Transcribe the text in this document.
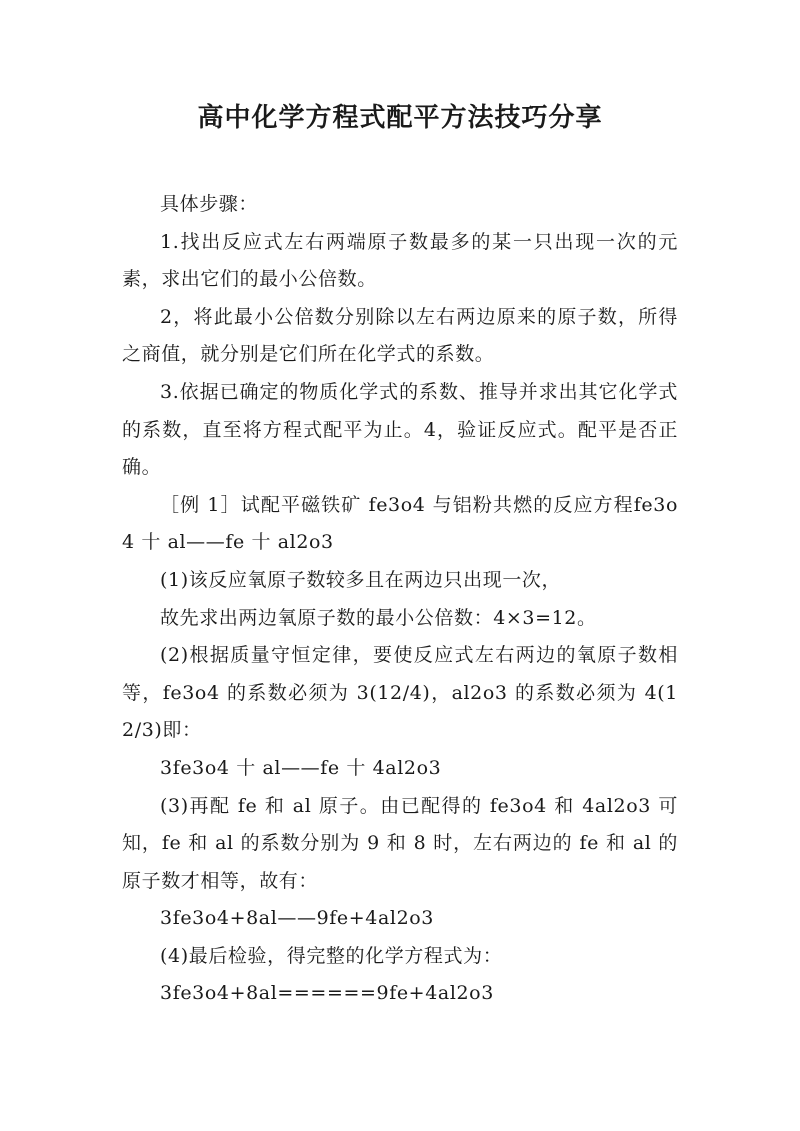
高中化学方程式配平方法技巧分享

具体步骤：

1.找出反应式左右两端原子数最多的某一只出现一次的元素，求出它们的最小公倍数。

2，将此最小公倍数分别除以左右两边原来的原子数，所得之商值，就分别是它们所在化学式的系数。

3.依据已确定的物质化学式的系数、推导并求出其它化学式的系数，直至将方程式配平为止。4，验证反应式。配平是否正确。

［例 1］试配平磁铁矿 fe3o4 与铝粉共燃的反应方程fe3o4 十 al——fe 十 al2o3

(1)该反应氧原子数较多且在两边只出现一次，

故先求出两边氧原子数的最小公倍数：4×3=12。

(2)根据质量守恒定律，要使反应式左右两边的氧原子数相等，fe3o4 的系数必须为 3(12/4)，al2o3 的系数必须为 4(12/3)即：

3fe3o4 十 al——fe 十 4al2o3

(3)再配 fe 和 al 原子。由已配得的 fe3o4 和 4al2o3 可知，fe 和 al 的系数分别为 9 和 8 时，左右两边的 fe 和 al 的原子数才相等，故有：

3fe3o4+8al——9fe+4al2o3

(4)最后检验，得完整的化学方程式为：

3fe3o4+8al======9fe+4al2o3
